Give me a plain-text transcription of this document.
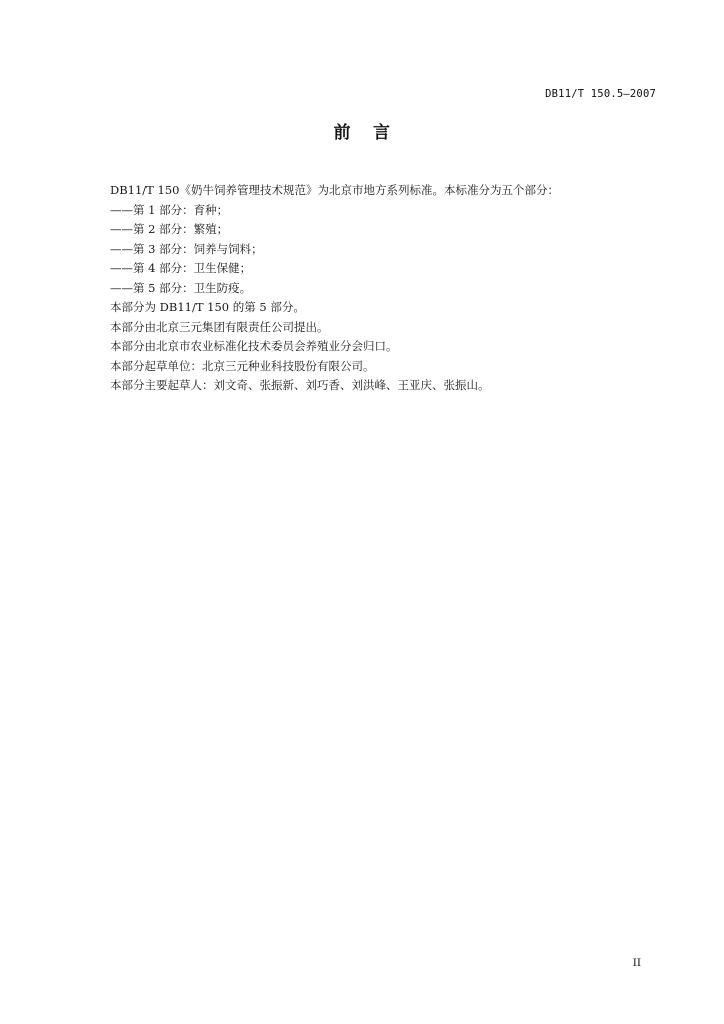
DB11/T 150.5—2007
前 言
DB11/T 150《奶牛饲养管理技术规范》为北京市地方系列标准。本标准分为五个部分：
——第 1 部分：育种；
——第 2 部分：繁殖；
——第 3 部分：饲养与饲料；
——第 4 部分：卫生保健；
——第 5 部分：卫生防疫。
本部分为 DB11/T 150 的第 5 部分。
本部分由北京三元集团有限责任公司提出。
本部分由北京市农业标准化技术委员会养殖业分会归口。
本部分起草单位：北京三元种业科技股份有限公司。
本部分主要起草人：刘文奇、张振新、刘巧香、刘洪峰、王亚庆、张振山。
II
